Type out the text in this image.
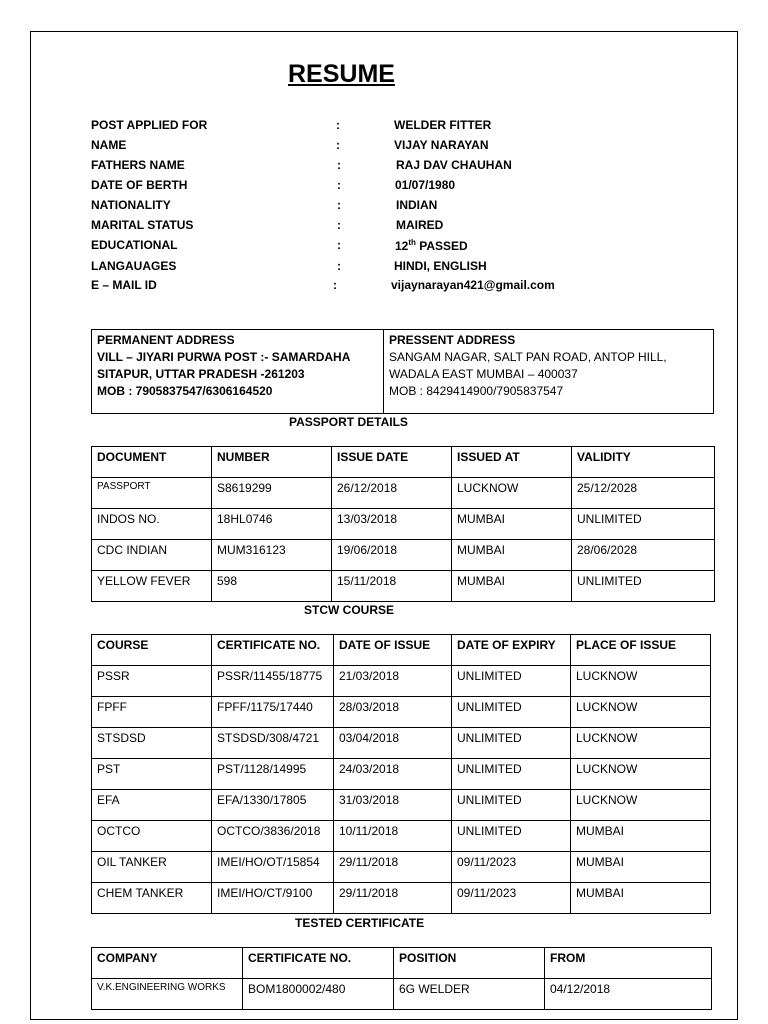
RESUME
POST APPLIED FOR	:	WELDER FITTER
NAME	:	VIJAY NARAYAN
FATHERS NAME	:	RAJ DAV CHAUHAN
DATE OF BERTH	:	01/07/1980
NATIONALITY	:	INDIAN
MARITAL STATUS	:	MAIRED
EDUCATIONAL	:	12th PASSED
LANGAUAGES	:	HINDI, ENGLISH
E – MAIL ID	:	vijaynarayan421@gmail.com
PERMANENT ADDRESS
VILL – JIYARI PURWA POST :- SAMARDAHA
SITAPUR, UTTAR PRADESH -261203
MOB : 7905837547/6306164520
PRESSENT ADDRESS
SANGAM NAGAR, SALT PAN ROAD, ANTOP HILL,
WADALA EAST MUMBAI – 400037
MOB : 8429414900/7905837547
PASSPORT DETAILS
DOCUMENT	NUMBER	ISSUE DATE	ISSUED AT	VALIDITY
PASSPORT	S8619299	26/12/2018	LUCKNOW	25/12/2028
INDOS NO.	18HL0746	13/03/2018	MUMBAI	UNLIMITED
CDC INDIAN	MUM316123	19/06/2018	MUMBAI	28/06/2028
YELLOW FEVER	598	15/11/2018	MUMBAI	UNLIMITED
STCW COURSE
COURSE	CERTIFICATE NO.	DATE OF ISSUE	DATE OF EXPIRY	PLACE OF ISSUE
PSSR	PSSR/11455/18775	21/03/2018	UNLIMITED	LUCKNOW
FPFF	FPFF/1175/17440	28/03/2018	UNLIMITED	LUCKNOW
STSDSD	STSDSD/308/4721	03/04/2018	UNLIMITED	LUCKNOW
PST	PST/1128/14995	24/03/2018	UNLIMITED	LUCKNOW
EFA	EFA/1330/17805	31/03/2018	UNLIMITED	LUCKNOW
OCTCO	OCTCO/3836/2018	10/11/2018	UNLIMITED	MUMBAI
OIL TANKER	IMEI/HO/OT/15854	29/11/2018	09/11/2023	MUMBAI
CHEM TANKER	IMEI/HO/CT/9100	29/11/2018	09/11/2023	MUMBAI
TESTED CERTIFICATE
COMPANY	CERTIFICATE NO.	POSITION	FROM
V.K.ENGINEERING WORKS	BOM1800002/480	6G WELDER	04/12/2018
